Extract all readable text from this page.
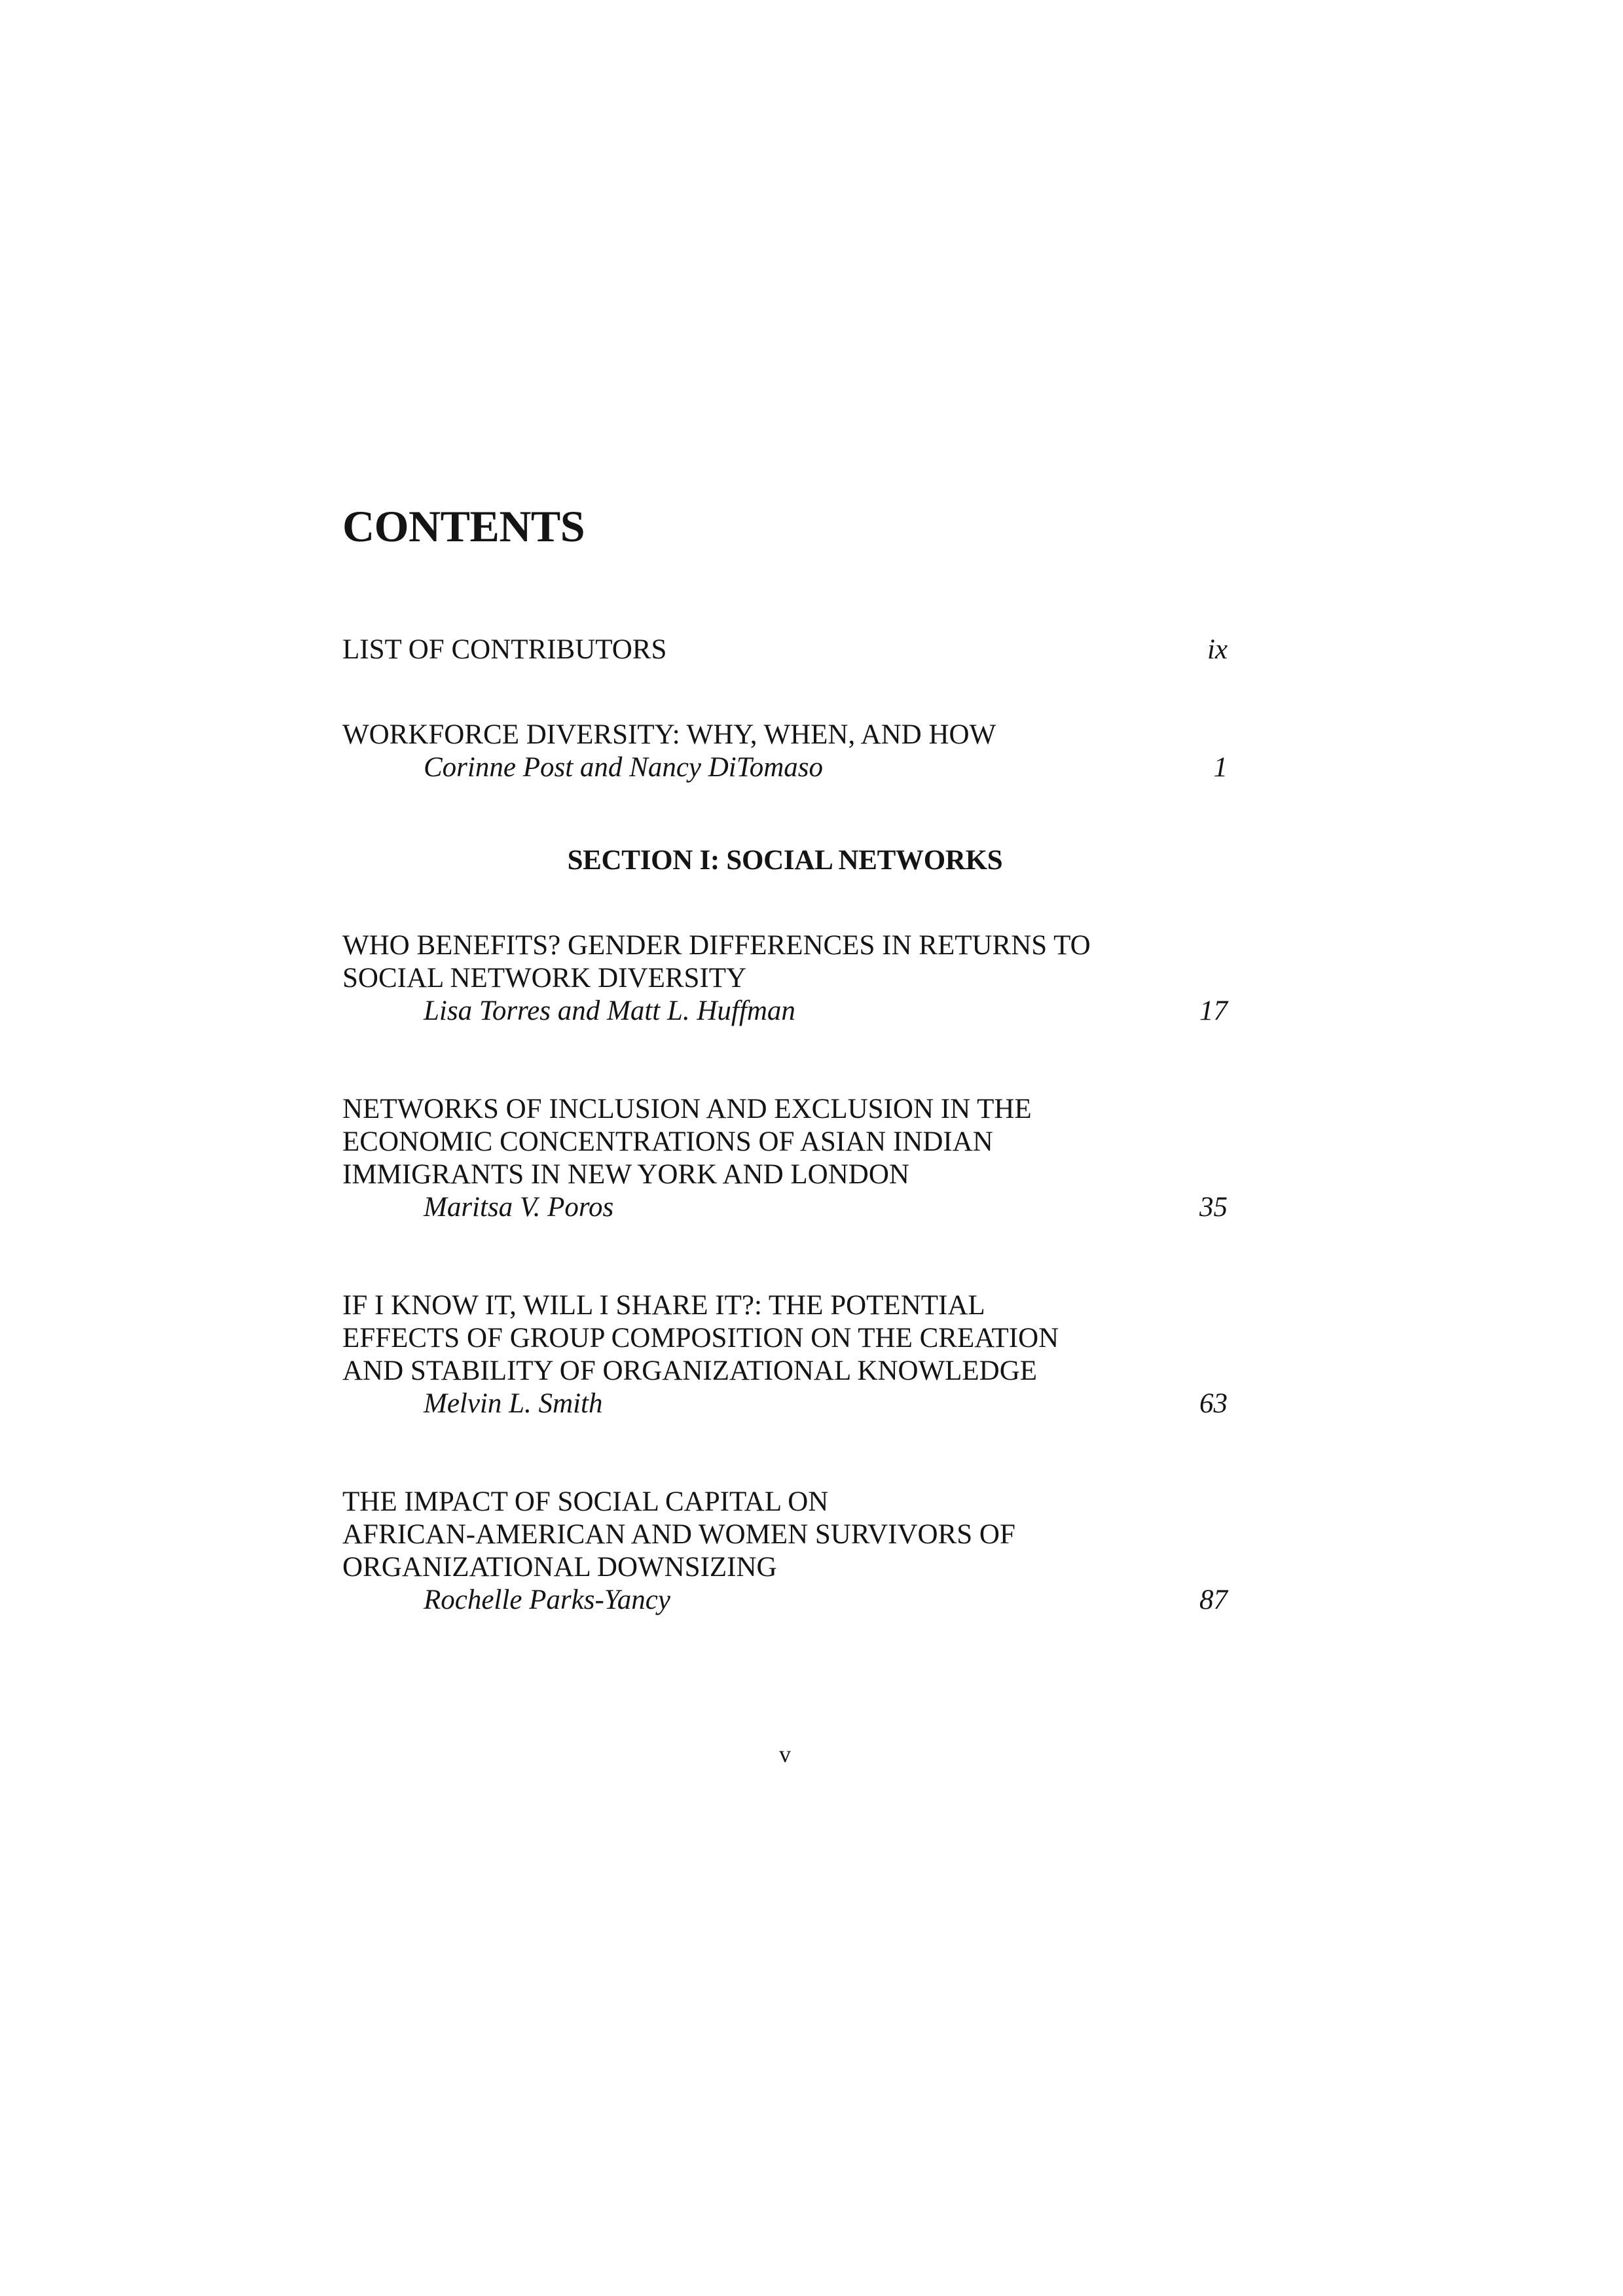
CONTENTS
LIST OF CONTRIBUTORS	ix
WORKFORCE DIVERSITY: WHY, WHEN, AND HOW
Corinne Post and Nancy DiTomaso	1
SECTION I: SOCIAL NETWORKS
WHO BENEFITS? GENDER DIFFERENCES IN RETURNS TO
SOCIAL NETWORK DIVERSITY
Lisa Torres and Matt L. Huffman	17
NETWORKS OF INCLUSION AND EXCLUSION IN THE
ECONOMIC CONCENTRATIONS OF ASIAN INDIAN
IMMIGRANTS IN NEW YORK AND LONDON
Maritsa V. Poros	35
IF I KNOW IT, WILL I SHARE IT?: THE POTENTIAL
EFFECTS OF GROUP COMPOSITION ON THE CREATION
AND STABILITY OF ORGANIZATIONAL KNOWLEDGE
Melvin L. Smith	63
THE IMPACT OF SOCIAL CAPITAL ON
AFRICAN-AMERICAN AND WOMEN SURVIVORS OF
ORGANIZATIONAL DOWNSIZING
Rochelle Parks-Yancy	87
v
